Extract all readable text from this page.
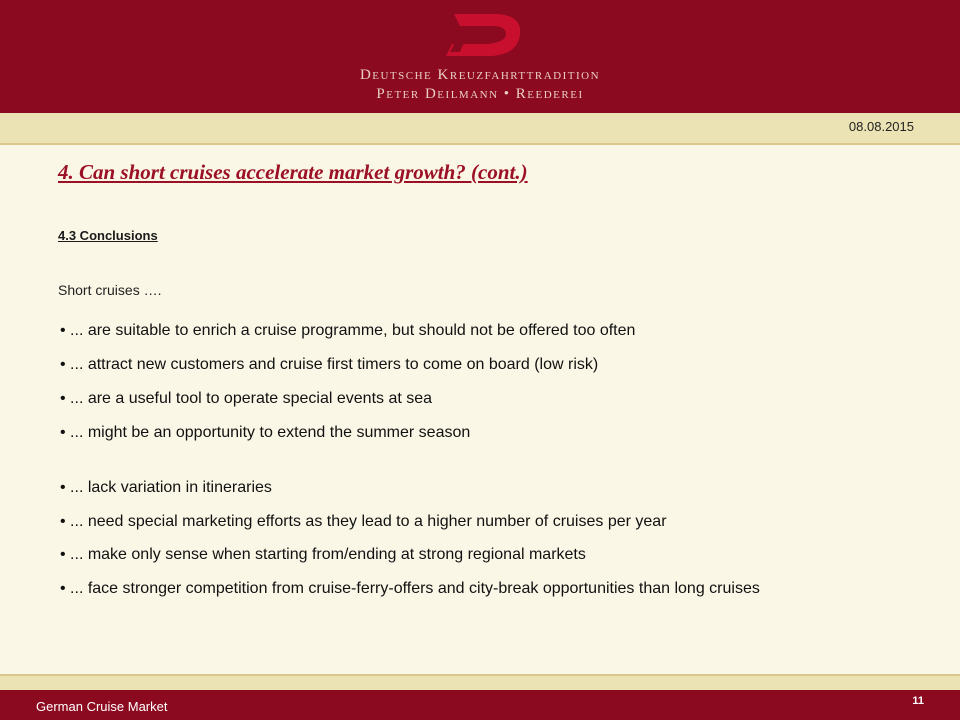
Deutsche Kreuzfahrttradition
Peter Deilmann • Reederei
08.08.2015
4. Can short cruises accelerate market growth? (cont.)
4.3 Conclusions
Short cruises ….
• ... are suitable to enrich a cruise programme, but should not be offered too often
• ... attract new customers and cruise first timers to come on board (low risk)
• ... are a useful tool to operate special events at sea
• ... might be an opportunity to extend the summer season
• ... lack variation in itineraries
• ... need special marketing efforts as they lead to a higher number of cruises per year
• ... make only sense when starting from/ending at strong regional markets
• ... face stronger competition from cruise-ferry-offers and city-break opportunities than long cruises
German Cruise Market	11
